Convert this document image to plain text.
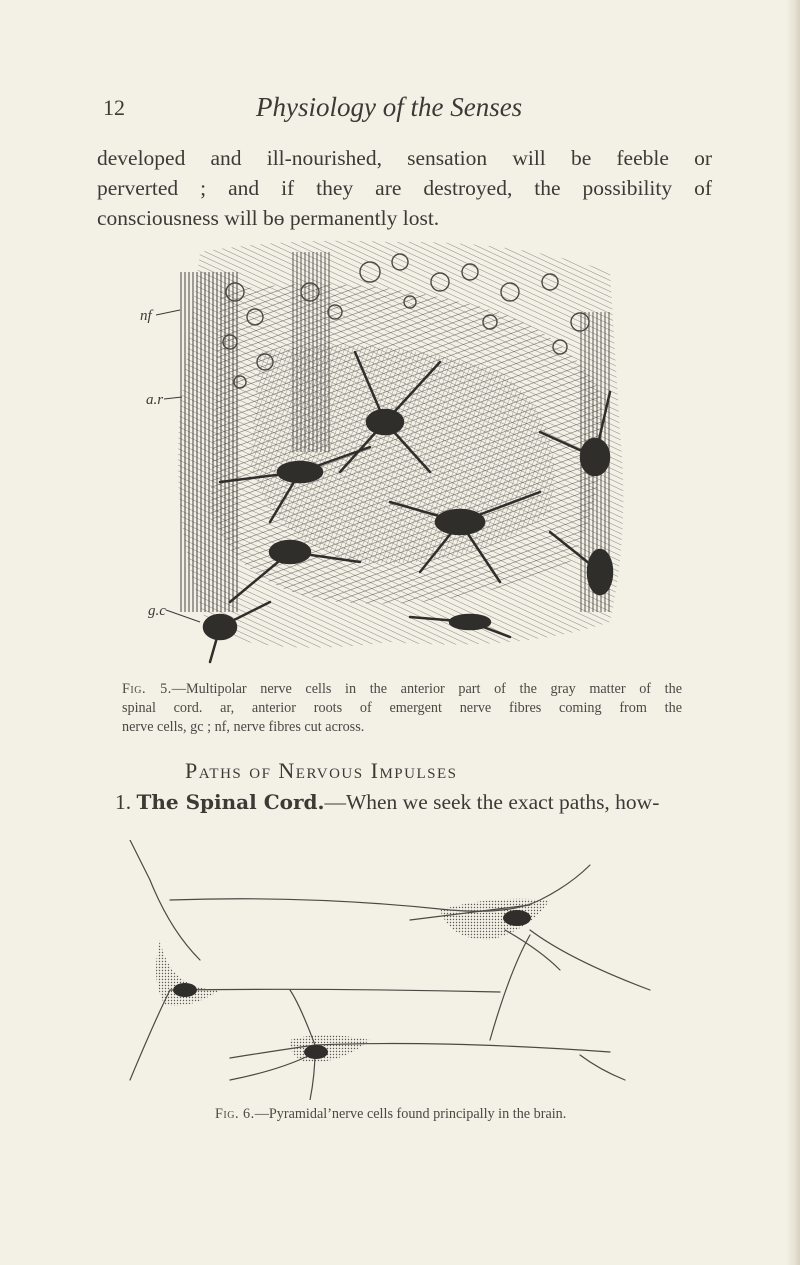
12	Physiology of the Senses
developed and ill-nourished, sensation will be feeble or
perverted ; and if they are destroyed, the possibility of
consciousness will bɵ permanently lost.
nf
a.r
g.c
Fig. 5.—Multipolar nerve cells in the anterior part of the gray matter of the
spinal cord. ar, anterior roots of emergent nerve fibres coming from the
nerve cells, gc ; nf, nerve fibres cut across.
Paths of Nervous Impulses
1. The Spinal Cord.—When we seek the exact paths, how-
Fig. 6.—Pyramidal’nerve cells found principally in the brain.
